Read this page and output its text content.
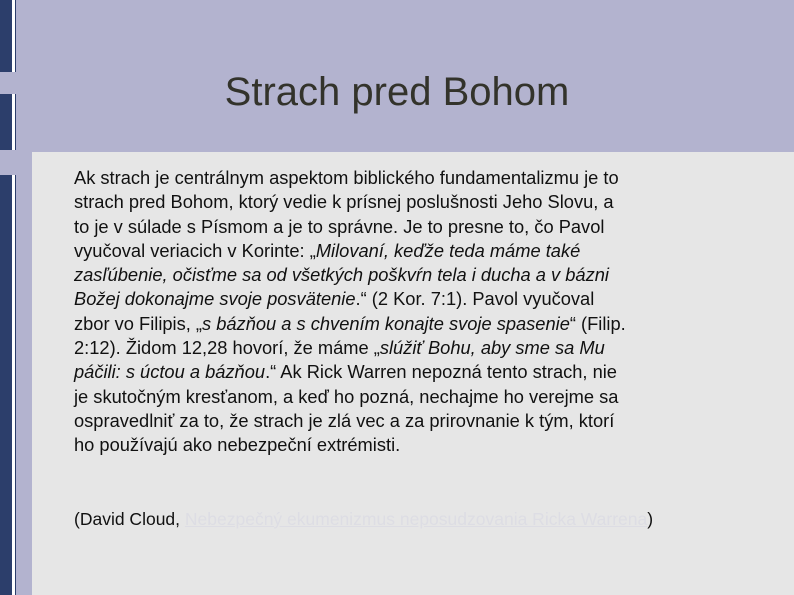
Strach pred Bohom

Ak strach je centrálnym aspektom biblického fundamentalizmu je to
strach pred Bohom, ktorý vedie k prísnej poslušnosti Jeho Slovu, a
to je v súlade s Písmom a je to správne. Je to presne to, čo Pavol
vyučoval veriacich v Korinte: „Milovaní, keďže teda máme také
zasľúbenie, očisťme sa od všetkých poškvŕn tela i ducha a v bázni
Božej dokonajme svoje posvätenie.“ (2 Kor. 7:1). Pavol vyučoval
zbor vo Filipis, „s bázňou a s chvením konajte svoje spasenie“ (Filip.
2:12). Židom 12,28 hovorí, že máme „slúžiť Bohu, aby sme sa Mu
páčili: s úctou a bázňou.“ Ak Rick Warren nepozná tento strach, nie
je skutočným kresťanom, a keď ho pozná, nechajme ho verejme sa
ospravedlniť za to, že strach je zlá vec a za prirovnanie k tým, ktorí
ho používajú ako nebezpeční extrémisti.

(David Cloud, Nebezpečný ekumenizmus neposudzovania Ricka Warrena)
